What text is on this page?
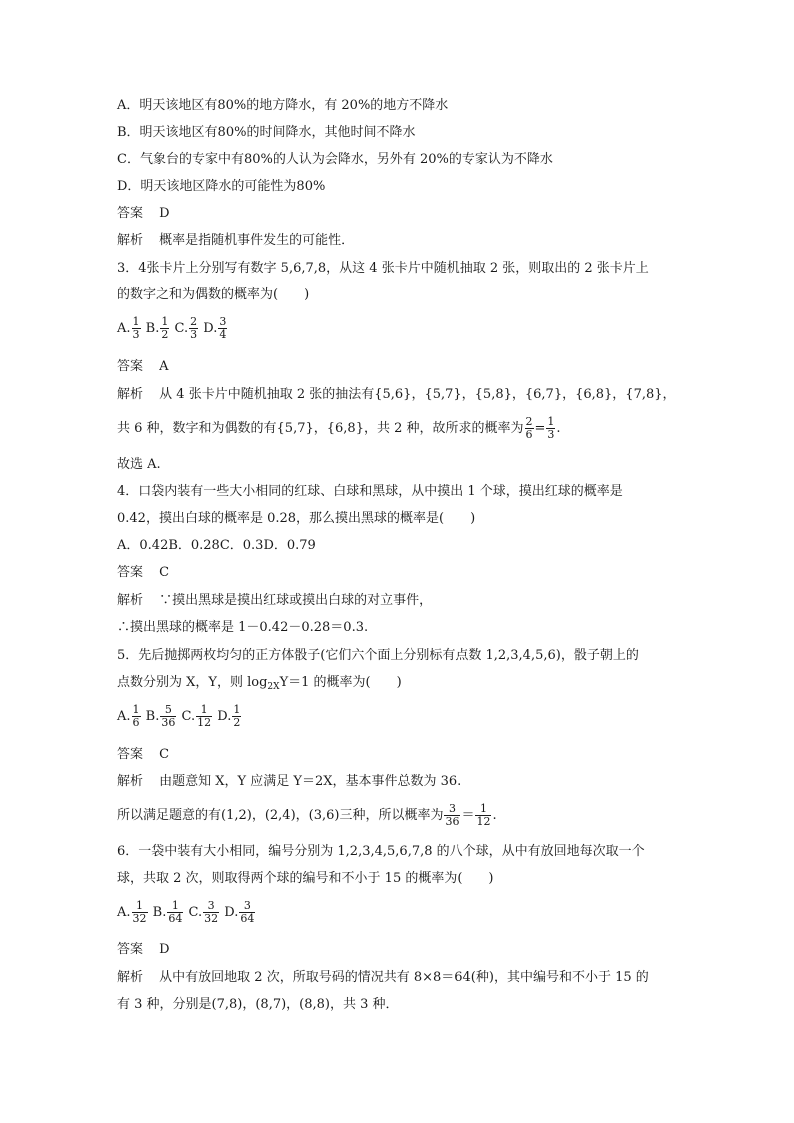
A．明天该地区有80%的地方降水，有 20%的地方不降水
B．明天该地区有80%的时间降水，其他时间不降水
C．气象台的专家中有80%的人认为会降水，另外有 20%的专家认为不降水
D．明天该地区降水的可能性为80%
答案 D
解析 概率是指随机事件发生的可能性．
3．4张卡片上分别写有数字 5,6,7,8，从这 4 张卡片中随机抽取 2 张，则取出的 2 张卡片上
的数字之和为偶数的概率为(　　)
A. $\frac{1}{3} B$. $\frac{1}{2} C$. $\frac{2}{3} D$. $\frac{3}{4}$
答案 A
解析 从 4 张卡片中随机抽取 2 张的抽法有{5,6}，{5,7}，{5,8}，{6,7}，{6,8}，{7,8}，
共 6 种，数字和为偶数的有{5,7}，{6,8}，共 2 种，故所求的概率为 $\frac{2}{6} = \frac{1}{3}$ .
故选 A.
4．口袋内装有一些大小相同的红球、白球和黑球，从中摸出 1 个球，摸出红球的概率是
0.42，摸出白球的概率是 0.28，那么摸出黑球的概率是(　　)
A．0.42B．0.28C．0.3D．0.79
答案 C
解析 ∵摸出黑球是摸出红球或摸出白球的对立事件，
∴摸出黑球的概率是 1－0.42－0.28＝0.3.
5．先后抛掷两枚均匀的正方体骰子(它们六个面上分别标有点数 1,2,3,4,5,6)，骰子朝上的
点数分别为 X，Y，则 $\log_{2X}Y=1$ 的概率为(　　)
A. $\frac{1}{6} B$. $\frac{5}{36} C$. $\frac{1}{12} D$. $\frac{1}{2}$
答案 C
解析 由题意知 X，Y 应满足 Y＝2X，基本事件总数为 36.
所以满足题意的有(1,2)，(2,4)，(3,6)三种，所以概率为 $\frac{3}{36} = \frac{1}{12}$ .
6．一袋中装有大小相同，编号分别为 1,2,3,4,5,6,7,8 的八个球，从中有放回地每次取一个
球，共取 2 次，则取得两个球的编号和不小于 15 的概率为(　　)
A. $\frac{1}{32} B$. $\frac{1}{64} C$. $\frac{3}{32} D$. $\frac{3}{64}$
答案 D
解析 从中有放回地取 2 次，所取号码的情况共有 8×8＝64(种)，其中编号和不小于 15 的
有 3 种，分别是(7,8)，(8,7)，(8,8)，共 3 种．
